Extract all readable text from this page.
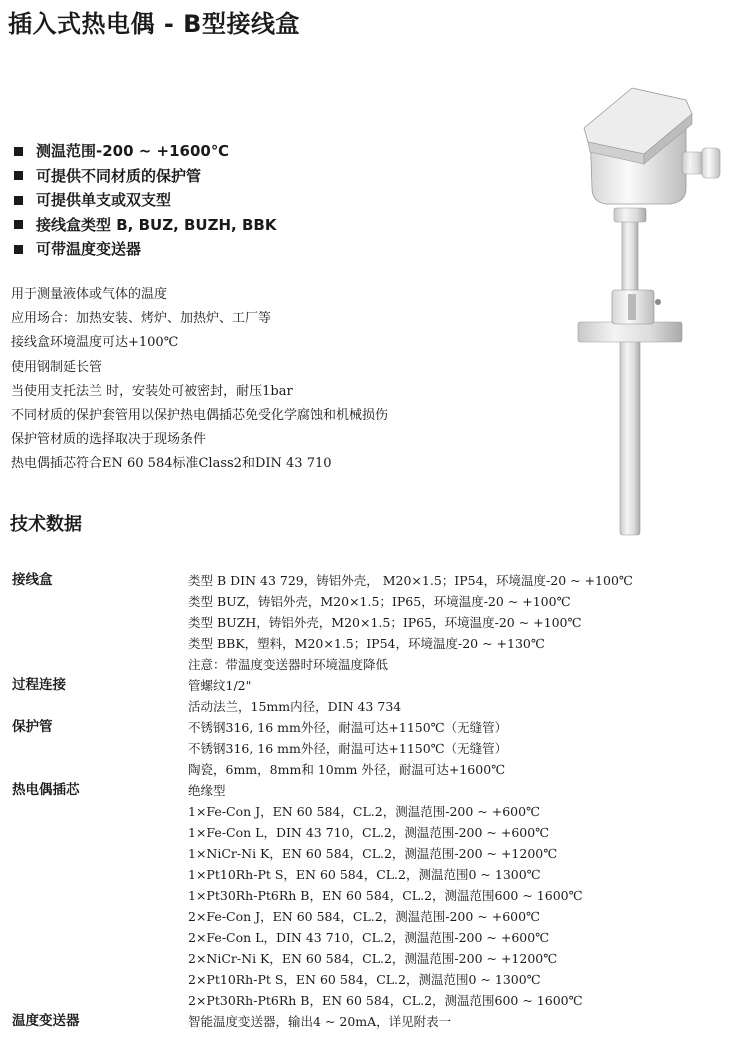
插入式热电偶 - B型接线盒
测温范围-200 ~ +1600℃
可提供不同材质的保护管
可提供单支或双支型
接线盒类型 B, BUZ, BUZH, BBK
可带温度变送器
用于测量液体或气体的温度
应用场合：加热安装、烤炉、加热炉、工厂等
接线盒环境温度可达+100℃
使用钢制延长管
当使用支托法兰 时，安装处可被密封，耐压1bar
不同材质的保护套管用以保护热电偶插芯免受化学腐蚀和机械损伤
保护管材质的选择取决于现场条件
热电偶插芯符合EN 60 584标准Class2和DIN 43 710
技术数据
接线盒	类型 B DIN 43 729，铸铝外壳， M20×1.5；IP54，环境温度-20 ~ +100℃
类型 BUZ，铸铝外壳，M20×1.5；IP65，环境温度-20 ~ +100℃
类型 BUZH，铸铝外壳，M20×1.5；IP65，环境温度-20 ~ +100℃
类型 BBK，塑料，M20×1.5；IP54，环境温度-20 ~ +130℃
注意：带温度变送器时环境温度降低
过程连接	管螺纹1/2"
活动法兰，15mm内径，DIN 43 734
保护管	不锈钢316, 16 mm外径，耐温可达+1150℃（无缝管）
不锈钢316, 16 mm外径，耐温可达+1150℃（无缝管）
陶瓷，6mm，8mm和 10mm 外径，耐温可达+1600℃
热电偶插芯	绝缘型
1×Fe-Con J，EN 60 584，CL.2，测温范围-200 ~ +600℃
1×Fe-Con L，DIN 43 710，CL.2，测温范围-200 ~ +600℃
1×NiCr-Ni K，EN 60 584，CL.2，测温范围-200 ~ +1200℃
1×Pt10Rh-Pt S，EN 60 584，CL.2，测温范围0 ~ 1300℃
1×Pt30Rh-Pt6Rh B，EN 60 584，CL.2，测温范围600 ~ 1600℃
2×Fe-Con J，EN 60 584，CL.2，测温范围-200 ~ +600℃
2×Fe-Con L，DIN 43 710，CL.2，测温范围-200 ~ +600℃
2×NiCr-Ni K，EN 60 584，CL.2，测温范围-200 ~ +1200℃
2×Pt10Rh-Pt S，EN 60 584，CL.2，测温范围0 ~ 1300℃
2×Pt30Rh-Pt6Rh B，EN 60 584，CL.2，测温范围600 ~ 1600℃
温度变送器	智能温度变送器，输出4 ~ 20mA，详见附表一
